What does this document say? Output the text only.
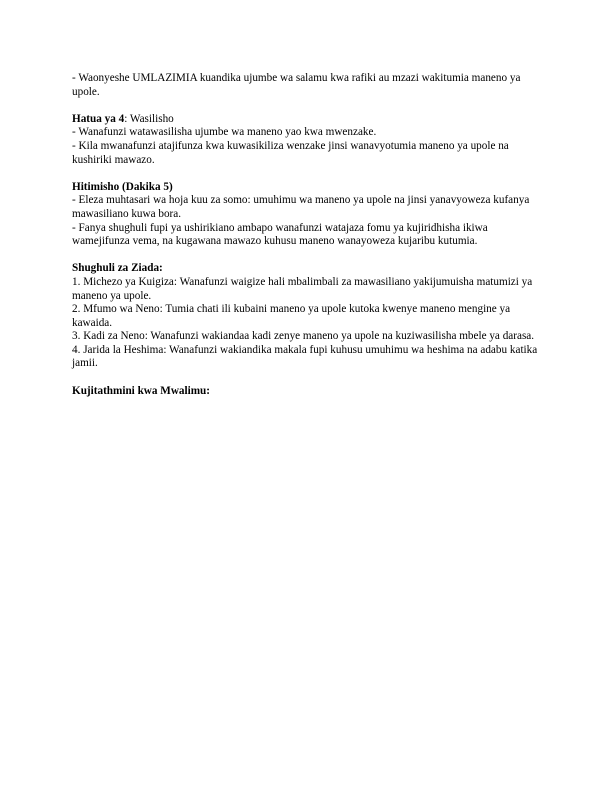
- Waonyeshe UMLAZIMIA kuandika ujumbe wa salamu kwa rafiki au mzazi wakitumia maneno ya upole.

Hatua ya 4: Wasilisho

- Wanafunzi watawasilisha ujumbe wa maneno yao kwa mwenzake.

- Kila mwanafunzi atajifunza kwa kuwasikiliza wenzake jinsi wanavyotumia maneno ya upole na kushiriki mawazo.

Hitimisho (Dakika 5)

- Eleza muhtasari wa hoja kuu za somo: umuhimu wa maneno ya upole na jinsi yanavyoweza kufanya mawasiliano kuwa bora.

- Fanya shughuli fupi ya ushirikiano ambapo wanafunzi watajaza fomu ya kujiridhisha ikiwa wamejifunza vema, na kugawana mawazo kuhusu maneno wanayoweza kujaribu kutumia.

Shughuli za Ziada:

1. Michezo ya Kuigiza: Wanafunzi waigize hali mbalimbali za mawasiliano yakijumuisha matumizi ya maneno ya upole.

2. Mfumo wa Neno: Tumia chati ili kubaini maneno ya upole kutoka kwenye maneno mengine ya kawaida.

3. Kadi za Neno: Wanafunzi wakiandaa kadi zenye maneno ya upole na kuziwasilisha mbele ya darasa.

4. Jarida la Heshima: Wanafunzi wakiandika makala fupi kuhusu umuhimu wa heshima na adabu katika jamii.

Kujitathmini kwa Mwalimu:
